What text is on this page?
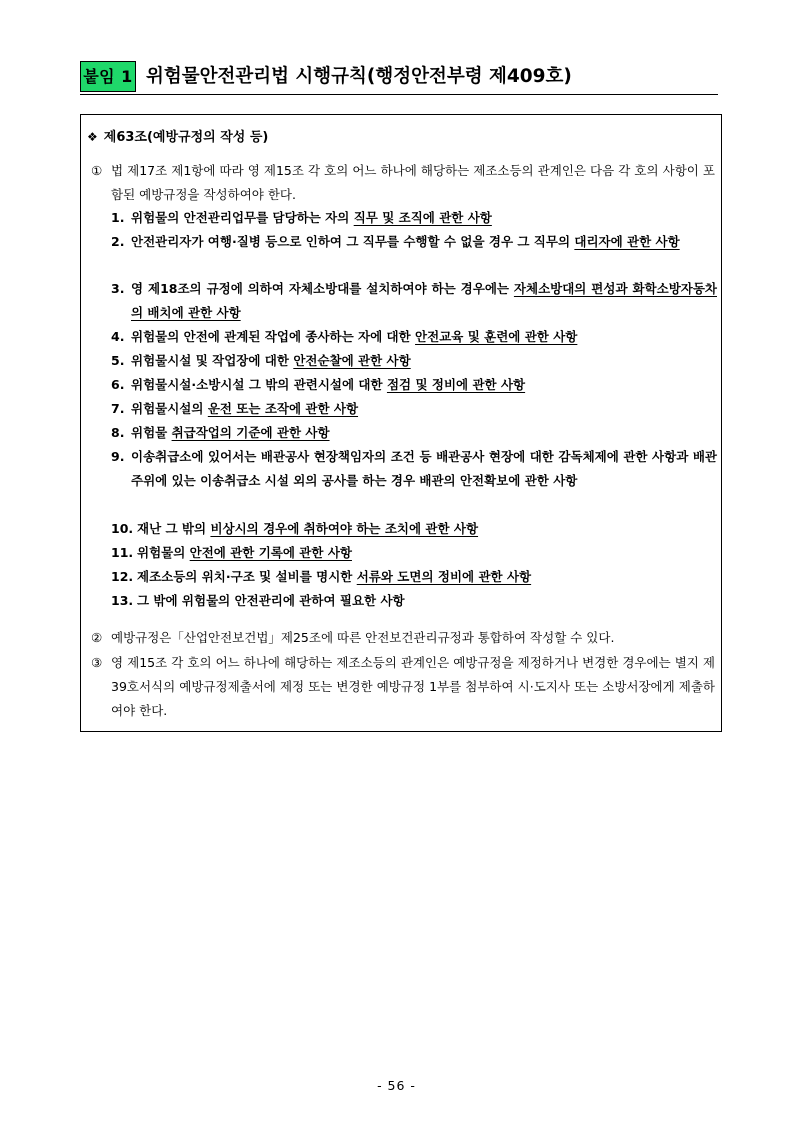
붙임 1 위험물안전관리법 시행규칙(행정안전부령 제409호)
❖ 제63조(예방규정의 작성 등)
① 법 제17조 제1항에 따라 영 제15조 각 호의 어느 하나에 해당하는 제조소등의 관계인은 다음 각 호의 사항이 포함된 예방규정을 작성하여야 한다.
1. 위험물의 안전관리업무를 담당하는 자의 직무 및 조직에 관한 사항
2. 안전관리자가 여행·질병 등으로 인하여 그 직무를 수행할 수 없을 경우 그 직무의 대리자에 관한 사항
3. 영 제18조의 규정에 의하여 자체소방대를 설치하여야 하는 경우에는 자체소방대의 편성과 화학소방자동차의 배치에 관한 사항
4. 위험물의 안전에 관계된 작업에 종사하는 자에 대한 안전교육 및 훈련에 관한 사항
5. 위험물시설 및 작업장에 대한 안전순찰에 관한 사항
6. 위험물시설·소방시설 그 밖의 관련시설에 대한 점검 및 정비에 관한 사항
7. 위험물시설의 운전 또는 조작에 관한 사항
8. 위험물 취급작업의 기준에 관한 사항
9. 이송취급소에 있어서는 배관공사 현장책임자의 조건 등 배관공사 현장에 대한 감독체제에 관한 사항과 배관주위에 있는 이송취급소 시설 외의 공사를 하는 경우 배관의 안전확보에 관한 사항
10. 재난 그 밖의 비상시의 경우에 취하여야 하는 조치에 관한 사항
11. 위험물의 안전에 관한 기록에 관한 사항
12. 제조소등의 위치·구조 및 설비를 명시한 서류와 도면의 정비에 관한 사항
13. 그 밖에 위험물의 안전관리에 관하여 필요한 사항
② 예방규정은「산업안전보건법」제25조에 따른 안전보건관리규정과 통합하여 작성할 수 있다.
③ 영 제15조 각 호의 어느 하나에 해당하는 제조소등의 관계인은 예방규정을 제정하거나 변경한 경우에는 별지 제39호서식의 예방규정제출서에 제정 또는 변경한 예방규정 1부를 첨부하여 시·도지사 또는 소방서장에게 제출하여야 한다.
- 56 -
